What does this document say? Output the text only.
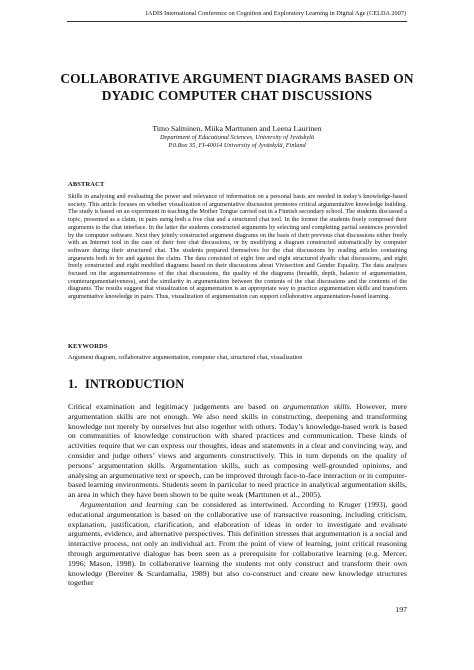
IADIS International Conference on Cognition and Exploratory Learning in Digital Age (CELDA 2007)
COLLABORATIVE ARGUMENT DIAGRAMS BASED ON
DYADIC COMPUTER CHAT DISCUSSIONS
Timo Salminen, Miika Marttunen and Leena Laurinen
Department of Educational Sciences, University of Jyväskylä
P.0.Box 35, FI-40014 University of Jyväskylä, Finland
ABSTRACT
Skills in analysing and evaluating the power and relevance of information on a personal basis are needed in today’s knowledge-based society. This article focuses on whether visualization of argumentative discussion promotes critical argumentative knowledge building. The study is based on an experiment in teaching the Mother Tongue carried out in a Finnish secondary school. The students discussed a topic, presented as a claim, in pairs using both a free chat and a structured chat tool. In the former the students freely composed their arguments to the chat interface. In the latter the students constructed arguments by selecting and completing partial sentences provided by the computer software. Next they jointly constructed argument diagrams on the basis of their previous chat discussions either freely with an Internet tool in the case of their free chat discussions, or by modifying a diagram constructed automatically by computer software during their structured chat. The students prepared themselves for the chat discussions by reading articles containing arguments both in for and against the claim. The data consisted of eight free and eight structured dyadic chat discussions, and eight freely constructed and eight modified diagrams based on their discussions about Vivisection and Gender Equality. The data analyses focused on the argumentativeness of the chat discussions, the quality of the diagrams (breadth, depth, balance of argumentation, counterargumentativeness), and the similarity in argumentation between the contents of the chat discussions and the contents of the diagrams. The results suggest that visualization of argumentation is an appropriate way to practice argumentation skills and transform argumentative knowledge in pairs. Thus, visualization of argumentation can support collaborative argumentation-based learning.
KEYWORDS
Argument diagram, collaborative argumentation, computer chat, structured chat, visualization
1. INTRODUCTION

Critical examination and legitimacy judgements are based on argumentation skills. However, mere argumentation skills are not enough. We also need skills in constructing, deepening and transforming knowledge not merely by ourselves but also together with others. Today’s knowledge-based work is based on communities of knowledge construction with shared practices and communication. These kinds of activities require that we can express our thoughts, ideas and statements in a clear and convincing way, and consider and judge others’ views and arguments constructively. This in turn depends on the quality of persons’ argumentation skills. Argumentation skills, such as composing well-grounded opinions, and analysing an argumentative text or speech, can be improved through face-to-face interaction or in computer-based learning environments. Students seem in particular to need practice in analytical argumentation skills, an area in which they have been shown to be quite weak (Marttunen et al., 2005).

Argumentation and learning can be considered as intertwined. According to Kruger (1993), good educational argumentation is based on the collaborative use of transactive reasoning, including criticism, explanation, justification, clarification, and elaboration of ideas in order to investigate and evaluate arguments, evidence, and alternative perspectives. This definition stresses that argumentation is a social and interactive process, not only an individual act. From the point of view of learning, joint critical reasoning through argumentative dialogue has been seen as a prerequisite for collaborative learning (e.g. Mercer, 1996; Mason, 1998). In collaborative learning the students not only construct and transform their own knowledge (Bereiter & Scardamalia, 1989) but also co-construct and create new knowledge structures together

197
